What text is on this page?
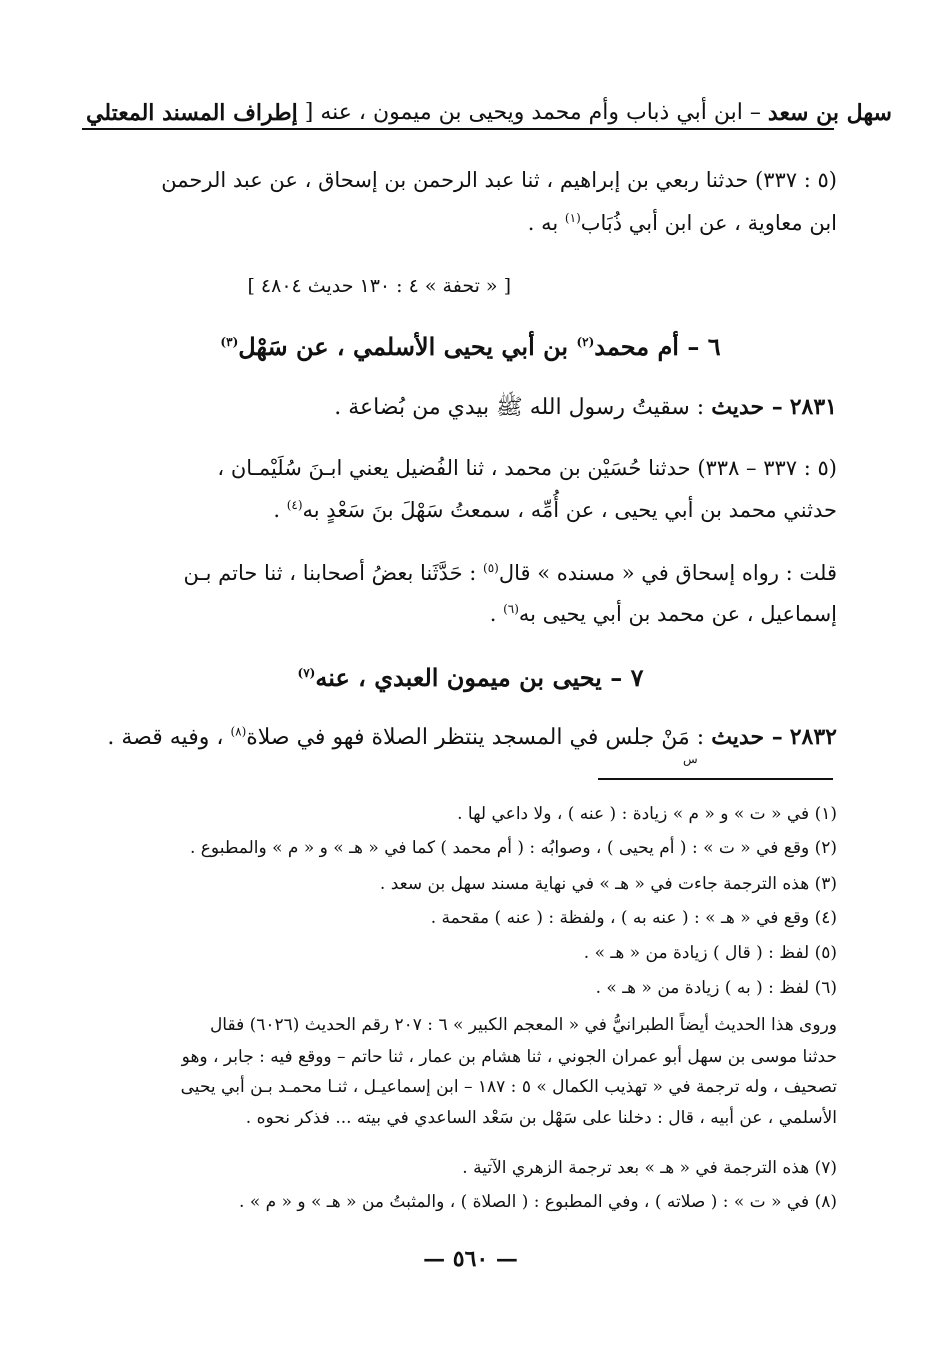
سهل بن سعد
–
ابن أبي ذباب وأم محمد ويحيى بن ميمون ، عنه [

إطراف المسند المعتلي
(٥ : ٣٣٧) حدثنا ربعي بن إبراهيم ، ثنا عبد الرحمن بن إسحاق ، عن عبد الرحمن
ابن معاوية ، عن ابن أبي ذُبَاب$^{(١)}$ به .
[ « تحفة » ٤ : ١٣٠ حديث ٤٨٠٤ ]
٦ – أم محمد$^{(٢)}$ بن أبي يحيى الأسلمي ، عن سَهْل$^{(٣)}$
٢٨٣١ – حديث : سقيتُ رسول الله ﷺ بيدي من بُضاعة .
(٥ : ٣٣٧ – ٣٣٨) حدثنا حُسَيْن بن محمد ، ثنا الفُضيل يعني ابـنَ سُلَيْمـان ،
حدثني محمد بن أبي يحيى ، عن أُمِّه ، سمعتُ سَهْلَ بنَ سَعْدٍ به$^{(٤)}$ .
قلت : رواه إسحاق في « مسنده » قال$^{(٥)}$ : حَدَّثَنا بعضُ أصحابنا ، ثنا حاتم بـن
إسماعيل ، عن محمد بن أبي يحيى به$^{(٦)}$ .
٧ – يحيى بن ميمون العبدي ، عنه$^{(٧)}$
٢٨٣٢ – حديث : مَنْ جلس في المسجد ينتظر الصلاة فهو في صلاة$^{(٨)}$ ، وفيه قصة .
س
(١) في « ت » و « م » زيادة : ( عنه ) ، ولا داعي لها .
(٢) وقع في « ت » : ( أم يحيى ) ، وصوابُه : ( أم محمد ) كما في « هـ » و « م » والمطبوع .
(٣) هذه الترجمة جاءت في « هـ » في نهاية مسند سهل بن سعد .
(٤) وقع في « هـ » : ( عنه به ) ، ولفظة : ( عنه ) مقحمة .
(٥) لفظ : ( قال ) زيادة من « هـ » .
(٦) لفظ : ( به ) زيادة من « هـ » .
وروى هذا الحديث أيضاً الطبرانيُّ في « المعجم الكبير » ٦ : ٢٠٧ رقم الحديث (٦٠٢٦) فقال
حدثنا موسى بن سهل أبو عمران الجوني ، ثنا هشام بن عمار ، ثنا حاتم – ووقع فيه : جابر ، وهو
تصحيف ، وله ترجمة في « تهذيب الكمال » ٥ : ١٨٧ – ابن إسماعيـل ، ثنـا محمـد بـن أبي يحيى
الأسلمي ، عن أبيه ، قال : دخلنا على سَهْل بن سَعْد الساعدي في بيته ... فذكر نحوه .
(٧) هذه الترجمة في « هـ » بعد ترجمة الزهري الآتية .
(٨) في « ت » : ( صلاته ) ، وفي المطبوع : ( الصلاة ) ، والمثبتُ من « هـ » و « م » .
— ٥٦٠ —
